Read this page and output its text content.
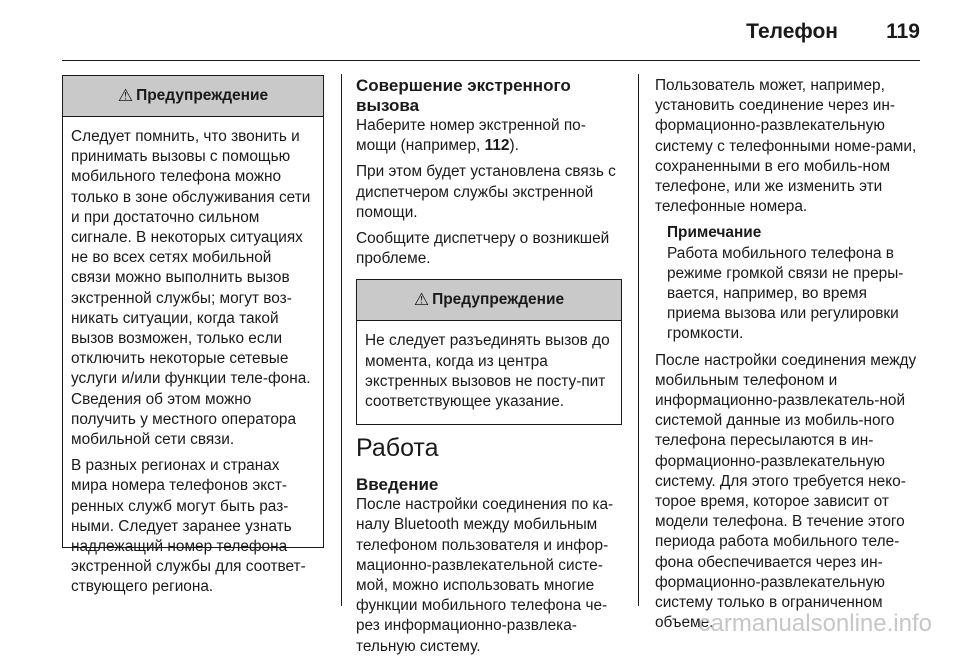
Телефон 119
⚠ Предупреждение

Следует помнить, что звонить и принимать вызовы с помощью мобильного телефона можно только в зоне обслуживания сети и при достаточно сильном сигнале. В некоторых ситуациях не во всех сетях мобильной связи можно выполнить вызов экстренной службы; могут воз-никать ситуации, когда такой вызов возможен, только если отключить некоторые сетевые услуги и/или функции теле-фона. Сведения об этом можно получить у местного оператора мобильной сети связи.

В разных регионах и странах мира номера телефонов экст-ренных служб могут быть раз-ными. Следует заранее узнать надлежащий номер телефона экстренной службы для соответ-ствующего региона.

Совершение экстренного вызова

Наберите номер экстренной по-мощи (например, 112).

При этом будет установлена связь с диспетчером службы экстренной помощи.

Сообщите диспетчеру о возникшей проблеме.

⚠ Предупреждение

Не следует разъединять вызов до момента, когда из центра экстренных вызовов не посту-пит соответствующее указание.

Работа
Введение

После настройки соединения по ка-налу Bluetooth между мобильным телефоном пользователя и инфор-мационно-развлекательной систе-мой, можно использовать многие функции мобильного телефона че-рез информационно-развлека-тельную систему.

Пользователь может, например, установить соединение через ин-формационно-развлекательную систему с телефонными номе-рами, сохраненными в его мобиль-ном телефоне, или же изменить эти телефонные номера.

Примечание
Работа мобильного телефона в режиме громкой связи не преры-вается, например, во время приема вызова или регулировки громкости.

После настройки соединения между мобильным телефоном и информационно-развлекатель-ной системой данные из мобиль-ного телефона пересылаются в ин-формационно-развлекательную систему. Для этого требуется неко-торое время, которое зависит от модели телефона. В течение этого периода работа мобильного теле-фона обеспечивается через ин-формационно-развлекательную систему только в ограниченном объеме.

carmanualsonline.info
